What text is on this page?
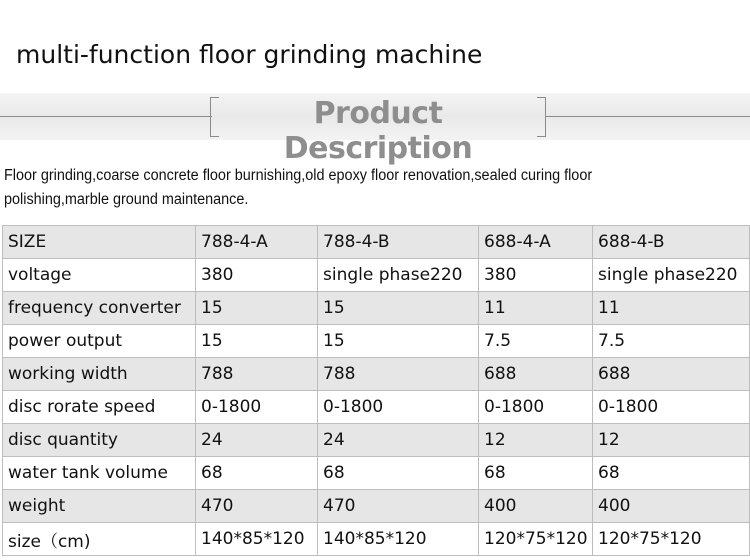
multi-function floor grinding machine
Product Description
Floor grinding,coarse concrete floor burnishing,old epoxy floor renovation,sealed curing floor polishing,marble ground maintenance.
SIZE	788-4-A	788-4-B	688-4-A	688-4-B
voltage	380	single phase220	380	single phase220
frequency converter	15	15	11	11
power output	15	15	7.5	7.5
working width	788	788	688	688
disc rorate speed	0-1800	0-1800	0-1800	0-1800
disc quantity	24	24	12	12
water tank volume	68	68	68	68
weight	470	470	400	400
size（cm)	140*85*120	140*85*120	120*75*120	120*75*120
